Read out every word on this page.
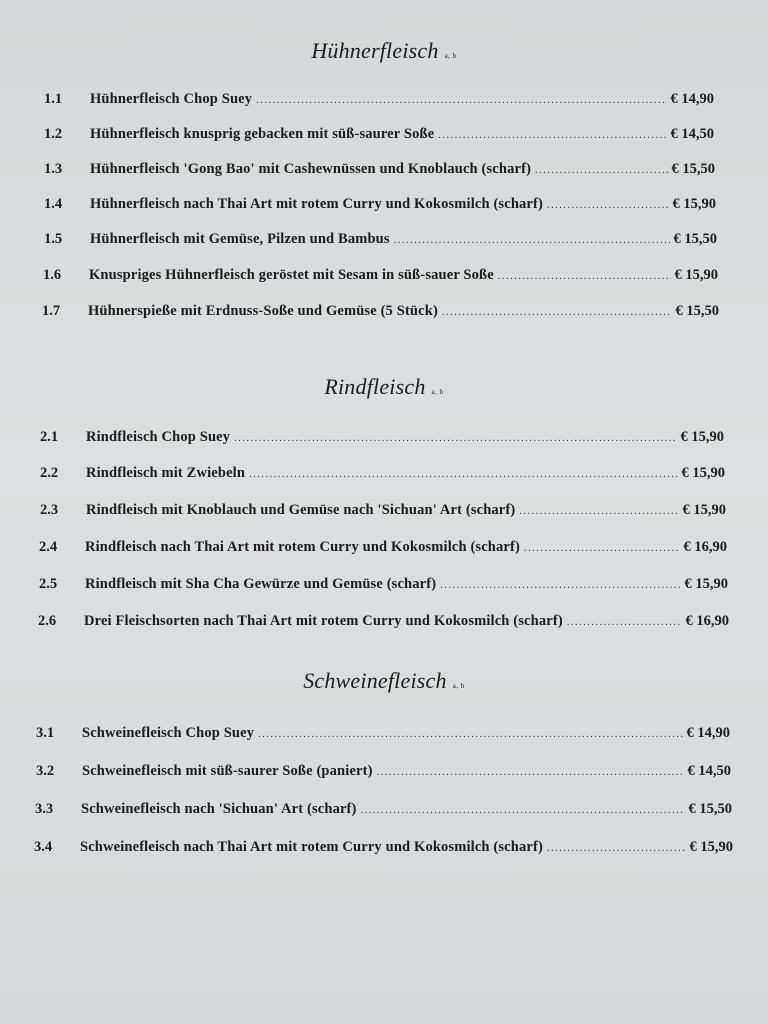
Hühnerfleisch a, b
1.1	Hühnerfleisch Chop Suey .....	€ 14,90
1.2	Hühnerfleisch knusprig gebacken mit süß-saurer Soße .....	€ 14,50
1.3	Hühnerfleisch 'Gong Bao' mit Cashewnüssen und Knoblauch (scharf) .....	€ 15,50
1.4	Hühnerfleisch nach Thai Art mit rotem Curry und Kokosmilch (scharf) .....	€ 15,90
1.5	Hühnerfleisch mit Gemüse, Pilzen und Bambus .....	€ 15,50
1.6	Knuspriges Hühnerfleisch geröstet mit Sesam in süß-sauer Soße .....	€ 15,90
1.7	Hühnerspieße mit Erdnuss-Soße und Gemüse (5 Stück) .....	€ 15,50
Rindfleisch a, b
2.1	Rindfleisch Chop Suey .....	€ 15,90
2.2	Rindfleisch mit Zwiebeln .....	€ 15,90
2.3	Rindfleisch mit Knoblauch und Gemüse nach 'Sichuan' Art (scharf) .....	€ 15,90
2.4	Rindfleisch nach Thai Art mit rotem Curry und Kokosmilch (scharf) .....	€ 16,90
2.5	Rindfleisch mit Sha Cha Gewürze und Gemüse (scharf) .....	€ 15,90
2.6	Drei Fleischsorten nach Thai Art mit rotem Curry und Kokosmilch (scharf) .....	€ 16,90
Schweinefleisch a, b
3.1	Schweinefleisch Chop Suey .....	€ 14,90
3.2	Schweinefleisch mit süß-saurer Soße (paniert) .....	€ 14,50
3.3	Schweinefleisch nach 'Sichuan' Art (scharf) .....	€ 15,50
3.4	Schweinefleisch nach Thai Art mit rotem Curry und Kokosmilch (scharf) .....	€ 15,90
